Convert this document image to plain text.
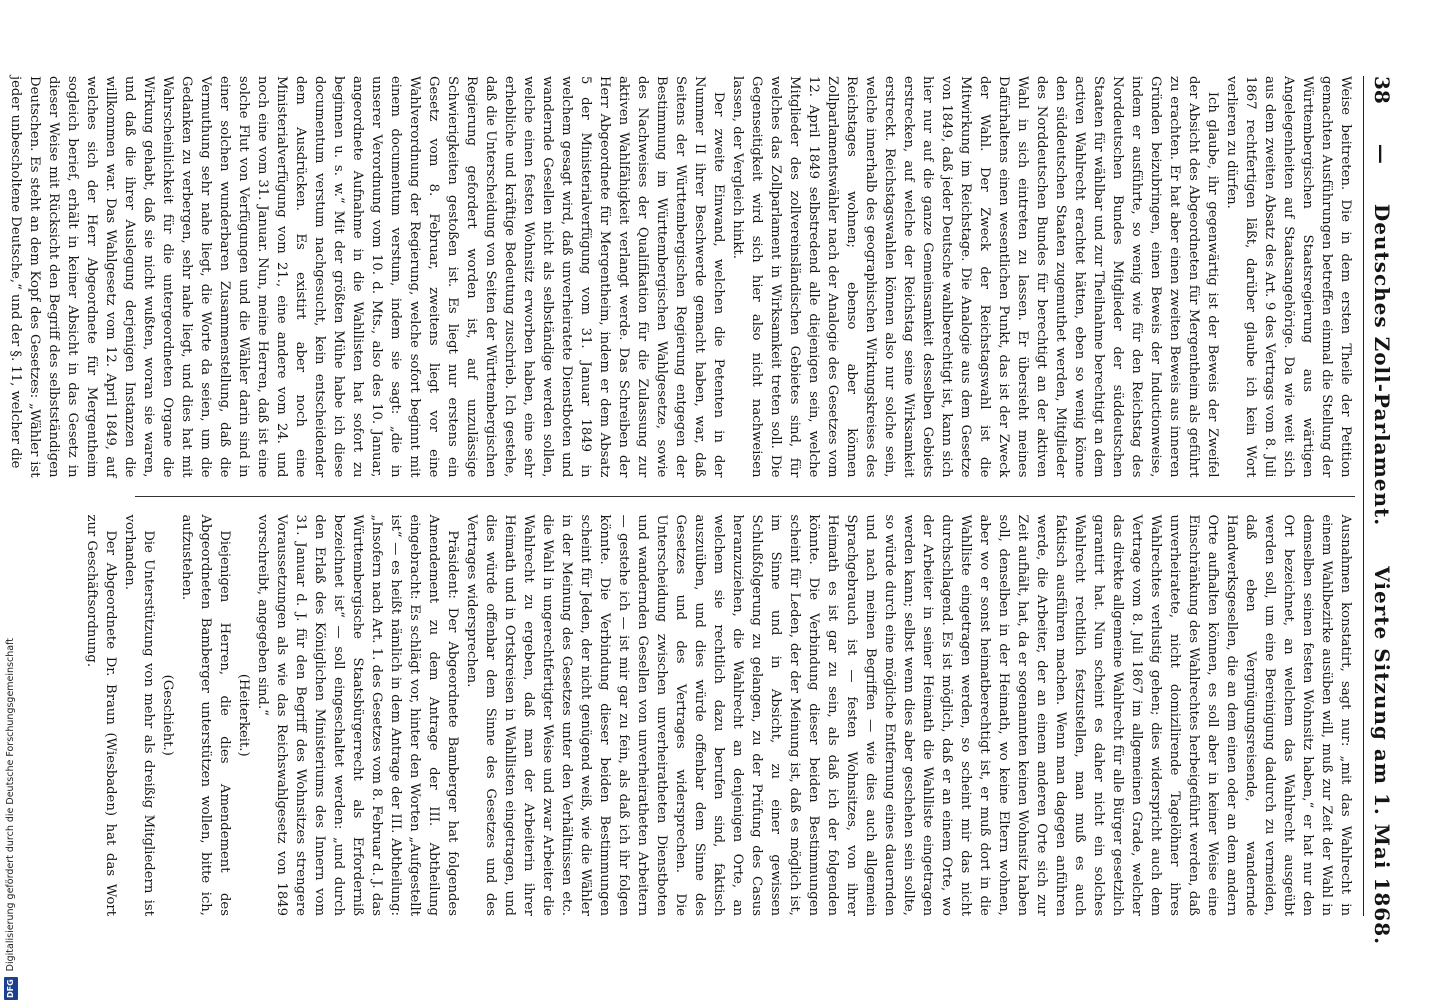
38
—
Deutsches Zoll-Parlament.
Vierte Sitzung am 1. Mai 1868.

Weise beitreten. Die in dem ersten Theile der Petition gemachten Ausführungen betreffen einmal die Stellung der Württembergischen Staatsregierung aus wärtigen Angelegenheiten auf Staatsangehörige. Da wie weit sich aus dem zweiten Absatz des Art. 9 des Vertrags vom 8. Juli 1867 rechtfertigen läßt, darüber glaube ich kein Wort verlieren zu dürfen.

Ich glaube, ihr gegenwärtig ist der Beweis der Zweifel der Absicht des Abgeordneten für Mergentheim als geführt zu erachten. Er hat aber einen zweiten Beweis aus inneren Gründen beizubringen, einen Beweis der Inductionweise, indem er ausführte, so wenig wie für den Reichstag des Norddeutschen Bundes Mitglieder der süddeutschen Staaten für wählbar und zur Theilnahme berechtigt an dem activen Wahlrecht erachtet hätten, eben so wenig könne den süddeutschen Staaten zugemuthet werden, Mitglieder des Norddeutschen Bundes für berechtigt an der aktiven Wahl in sich eintreten zu lassen. Er übersieht meines Dafürhaltens einen wesentlichen Punkt, das ist der Zweck der Wahl. Der Zweck der Reichstagswahl ist die Mitwirkung im Reichstage. Die Analogie aus dem Gesetze von 1849, daß jeder Deutsche wahlberechtigt ist, kann sich hier nur auf die ganze Gemeinsamkeit desselben Gebiets erstrecken, auf welche der Reichstag seine Wirksamkeit erstreckt. Reichstagswahlen können also nur solche sein, welche innerhalb des geographischen Wirkungskreises des Reichstages wohnen; ebenso aber können Zollparlamentswähler nach der Analogie des Gesetzes vom 12. April 1849 selbstredend alle diejenigen sein, welche Mitglieder des zollvereinsländischen Gebietes sind, für welches das Zollparlament in Wirksamkeit treten soll. Die Gegenseitigkeit wird sich hier also nicht nachweisen lassen, der Vergleich hinkt.

Der zweite Einwand, welchen die Petenten in der Nummer II ihrer Beschwerde gemacht haben, war, daß Seitens der Württembergischen Regierung entgegen der Bestimmung im Württembergischen Wahlgesetze, sowie des Nachweises der Qualifikation für die Zulassung zur aktiven Wahlfähigkeit verlangt werde. Das Schreiben der Herr Abgeordnete für Mergentheim, indem er dem Absatz 5 der Ministerialverfügung vom 31. Januar 1849 in welchem gesagt wird, daß unverheiratete Dienstboten und wandernde Gesellen nicht als selbständige werden sollen, welche einen festen Wohnsitz erworben haben, eine sehr erhebliche und kräftige Bedeutung zuschrieb. Ich gestehe, daß die Unterscheidung von Seiten der Württembergischen Regierung gefordert worden ist, auf unzulässige Schwierigkeiten gestoßen ist. Es liegt nur erstens ein Gesetz vom 8. Februar, zweitens liegt vor eine Wahlverordnung der Regierung, welche sofort beginnt mit einem documentum verstum, indem sie sagt: „die in unserer Verordnung vom 10. d. Mts., also des 10. Januar, angeordnete Aufnahme in die Wahllisten hat sofort zu beginnen u. s. w.“ Mit der größten Mühe habe ich diese documentum verstum nachgesucht, kein entscheidender dem Ausdrücken. Es existirt aber noch eine Ministerialverfügung vom 21., eine andere vom 24. und noch eine vom 31. Januar. Nun, meine Herren, daß ist eine solche Flut von Verfügungen und die Wähler darin sind in einer solchen wunderbaren Zusammenstellung, daß die Vermuthung sehr nahe liegt, die Worte da seien, um die Gedanken zu verbergen, sehr nahe liegt, und dies hat mit Wahrscheinlichkeit für die untergeordneten Organe die Wirkung gehabt, daß sie nicht wußten, woran sie waren, und daß die ihrer Auslegung derjenigen Instanzen die willkommen war. Das Wahlgesetz vom 12. April 1849, auf welches sich der Herr Abgeordnete für Mergentheim sogleich berief, erhält in keiner Absicht in das Gesetz in dieser Weise mit Rücksicht den Begriff des selbstständigen Deutschen. Es steht an dem Kopf des Gesetzes: „Wähler ist jeder unbescholtene Deutsche,“ und der §. 11, welcher die

Ausnahmen konstatirt, sagt nur: „mit das Wahlrecht in einem Wahlbezirke ausüben will, muß zur Zeit der Wahl in demselben seinen festen Wohnsitz haben,“ er hat nur den Ort bezeichnet, an welchem das Wahlrecht ausgeübt werden soll, um eine Bereinigung dadurch zu vermeiden, daß eben Vergnügungsreisende, wandernde Handwerksgesellen, die an dem einen oder an dem andern Orte aufhalten können, es soll aber in keiner Weise eine Einschränkung des Wahlrechtes herbeigeführt werden, daß unverheiratete, nicht domizilirende Tagelöhner ihres Wahlrechtes verlustig gehen; dies widerspricht auch dem Vertrage vom 8. Juli 1867 im allgemeinen Grade, welcher das direkte allgemeine Wahlrecht für alle Bürger gesetzlich garantirt hat. Nun scheint es daher nicht ein solches Wahlrecht rechtlich festzustellen, man muß es auch faktisch ausführen machen. Wenn man dagegen anführen werde, die Arbeiter, der an einem anderen Orte sich zur Zeit aufhält, hat, da er sogenannten keinen Wohnsitz haben soll, denselben in der Heimath, wo keine Eltern wohnen, aber wo er sonst heimatberechtigt ist, er muß dort in die Wahlliste eingetragen werden, so scheint mir das nicht durchschlagend. Es ist möglich, daß er an einem Orte, wo der Arbeiter in seiner Heimath die Wahlliste eingetragen werden kann; selbst wenn dies aber geschehen sein sollte, so würde durch eine mögliche Entfernung eines dauernden und nach meinen Begriffen — wie dies auch allgemein Sprachgebrauch ist — festen Wohnsitzes, von ihrer Heimath es ist gar zu sein, als daß ich der folgenden könnte. Die Verbindung dieser beiden Bestimmungen scheint für Leden, der der Meinung ist, daß es möglich ist, im Sinne und in Absicht, zu einer gewissen Schlußfolgerung zu gelangen, zu der Prüfung des Casus heranzuziehen, die Wahlrecht an denjenigen Orte, an welchem sie rechtlich dazu berufen sind, faktisch auszuüben, und dies würde offenbar dem Sinne des Gesetzes und des Vertrages widersprechen. Die Unterscheidung zwischen unverheiratheten Dienstboten und wandernden Gesellen von unverheiratheten Arbeitern — gestehe ich — ist mir gar zu fein, als daß ich ihr folgen könnte. Die Verbindung dieser beiden Bestimmungen scheint für Jeden, der nicht genügend weiß, wie die Wähler in der Meinung des Gesetzes unter den Verhältnissen etc. die Wahl in ungerechtfertigter Weise und zwar Arbeiter die Wahlrecht zu ergeben, daß man der Arbeiterin ihrer Heimath und in Ortskreisen in Wahllisten eingetragen, und dies würde offenbar dem Sinne des Gesetzes und des Vertrages widersprechen.

Präsident: Der Abgeordnete Bamberger hat folgendes Amendement zu dem Antrage der III. Abtheilung eingebracht: Es schlägt vor, hinter den Worten „Aufgestellt ist“ — es heißt nämlich in dem Antrage der III. Abtheilung: „Insofern nach Art. 1. des Gesetzes vom 8. Februar d. J. das Württembergische Staatsbürgerrecht als Erforderniß bezeichnet ist“ — soll eingeschaltet werden: „und durch den Erlaß des Königlichen Ministeriums des Innern vom 31. Januar d. J. für den Begriff des Wohnsitzes strengere Voraussetzungen als wie das Reichswahlgesetz von 1849 vorschreibt, angegeben sind.“

(Heiterkeit.)

Diejenigen Herren, die dies Amendement des Abgeordneten Bamberger unterstützen wollen, bitte ich, aufzustehen.

(Geschieht.)

Die Unterstützung von mehr als dreißig Mitgliedern ist vorhanden.

Der Abgeordnete Dr. Braun (Wiesbaden) hat das Wort zur Geschäftsordnung.

DFG
Digitalisierung gefördert durch die Deutsche Forschungsgemeinschaft
